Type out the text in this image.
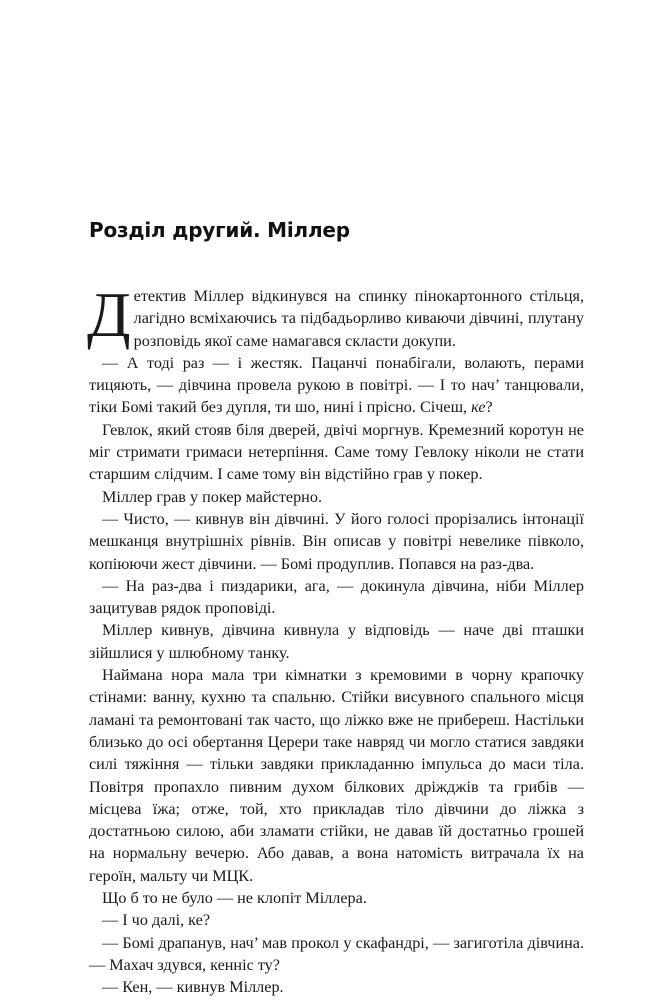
Розділ другий. Міллер

Детектив Міллер відкинувся на спинку пінокартонного стільця, лагідно всміхаючись та підбадьорливо киваючи дівчині, плутану розповідь якої саме намагався скласти докупи.

— А тоді раз — і жестяк. Пацанчі понабігали, волають, перами тицяють, — дівчина провела рукою в повітрі. — І то нач’ танцювали, тіки Бомі такий без дупля, ти шо, нині і прісно. Січеш, ке?

Гевлок, який стояв біля дверей, двічі моргнув. Кремезний коротун не міг стримати гримаси нетерпіння. Саме тому Гевлоку ніколи не стати старшим слідчим. І саме тому він відстійно грав у покер.

Міллер грав у покер майстерно.

— Чисто, — кивнув він дівчині. У його голосі прорізались інтонації мешканця внутрішніх рівнів. Він описав у повітрі невелике півколо, копіюючи жест дівчини. — Бомі продуплив. Попався на раз-два.

— На раз-два і пиздарики, ага, — докинула дівчина, ніби Міллер зацитував рядок проповіді.

Міллер кивнув, дівчина кивнула у відповідь — наче дві пташки зійшлися у шлюбному танку.

Наймана нора мала три кімнатки з кремовими в чорну крапочку стінами: ванну, кухню та спальню. Стійки висувного спального місця ламані та ремонтовані так часто, що ліжко вже не прибереш. Настільки близько до осі обертання Церери таке навряд чи могло статися завдяки силі тяжіння — тільки завдяки прикладанню імпульса до маси тіла. Повітря пропахло пивним духом білкових дріжджів та грибів — місцева їжа; отже, той, хто прикладав тіло дівчини до ліжка з достатньою силою, аби зламати стійки, не давав їй достатньо грошей на нормальну вечерю. Або давав, а вона натомість витрачала їх на героїн, мальту чи МЦК.

Що б то не було — не клопіт Міллера.

— І чо далі, ке?

— Бомі драпанув, нач’ мав прокол у скафандрі, — загиготіла дівчина. — Махач здувся, кенніс ту?

— Кен, — кивнув Міллер.
